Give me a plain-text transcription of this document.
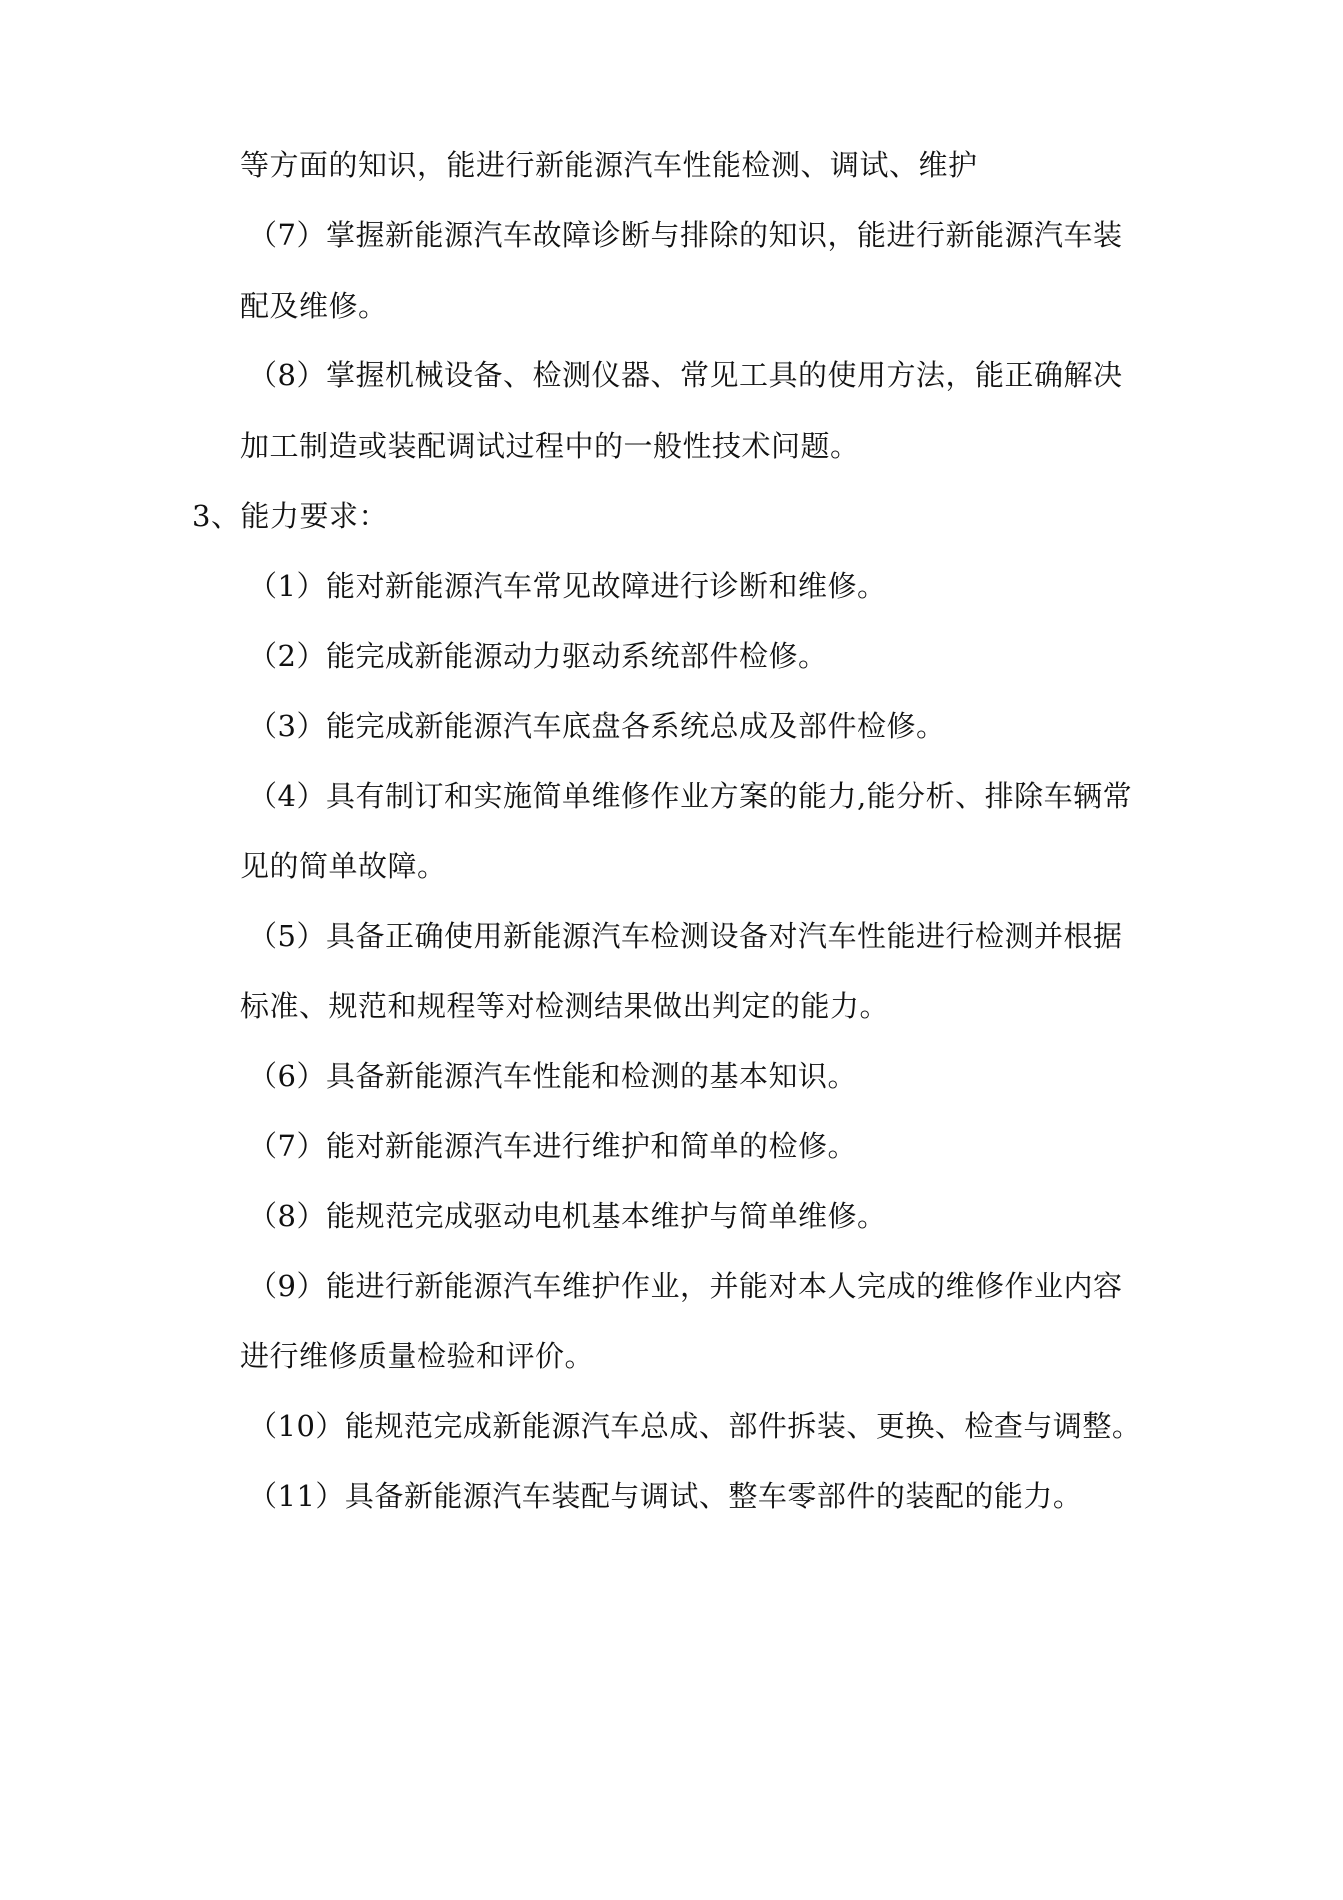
等方面的知识，能进行新能源汽车性能检测、调试、维护
（7）掌握新能源汽车故障诊断与排除的知识，能进行新能源汽车装
配及维修。
（8）掌握机械设备、检测仪器、常见工具的使用方法，能正确解决
加工制造或装配调试过程中的一般性技术问题。
3、能力要求：
（1）能对新能源汽车常见故障进行诊断和维修。
（2）能完成新能源动力驱动系统部件检修。
（3）能完成新能源汽车底盘各系统总成及部件检修。
（4）具有制订和实施简单维修作业方案的能力,能分析、排除车辆常
见的简单故障。
（5）具备正确使用新能源汽车检测设备对汽车性能进行检测并根据
标准、规范和规程等对检测结果做出判定的能力。
（6）具备新能源汽车性能和检测的基本知识。
（7）能对新能源汽车进行维护和简单的检修。
（8）能规范完成驱动电机基本维护与简单维修。
（9）能进行新能源汽车维护作业，并能对本人完成的维修作业内容
进行维修质量检验和评价。
（10）能规范完成新能源汽车总成、部件拆装、更换、检查与调整。
（11）具备新能源汽车装配与调试、整车零部件的装配的能力。
